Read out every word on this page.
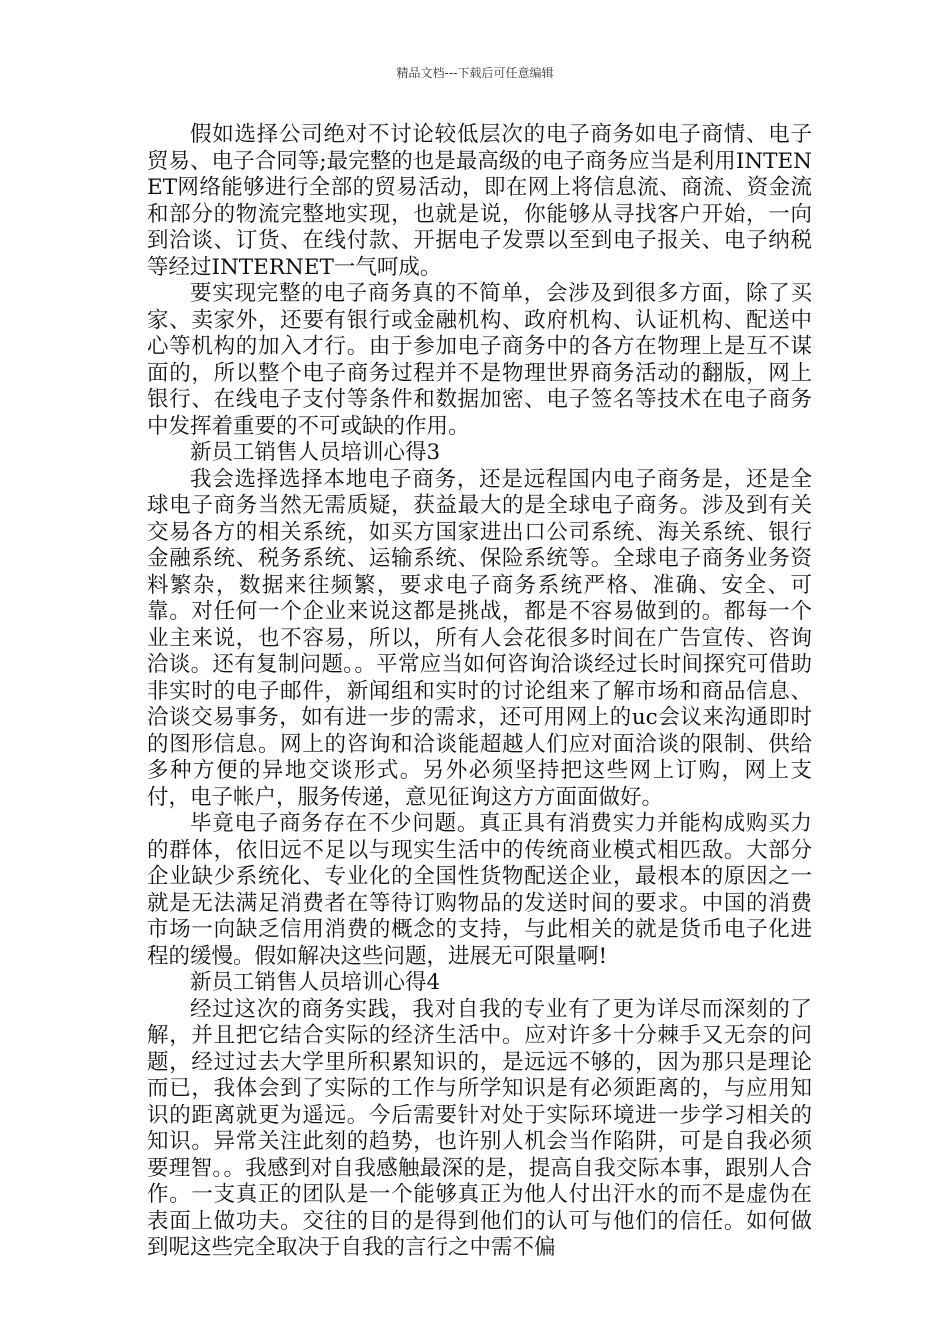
精品文档---下载后可任意编辑

假如选择公司绝对不讨论较低层次的电子商务如电子商情、电子贸易、电子合同等;最完整的也是最高级的电子商务应当是利用INTENET网络能够进行全部的贸易活动，即在网上将信息流、商流、资金流和部分的物流完整地实现，也就是说，你能够从寻找客户开始，一向到洽谈、订货、在线付款、开据电子发票以至到电子报关、电子纳税等经过INTERNET一气呵成。

要实现完整的电子商务真的不简单，会涉及到很多方面，除了买家、卖家外，还要有银行或金融机构、政府机构、认证机构、配送中心等机构的加入才行。由于参加电子商务中的各方在物理上是互不谋面的，所以整个电子商务过程并不是物理世界商务活动的翻版，网上银行、在线电子支付等条件和数据加密、电子签名等技术在电子商务中发挥着重要的不可或缺的作用。

新员工销售人员培训心得3

我会选择选择本地电子商务，还是远程国内电子商务是，还是全球电子商务当然无需质疑，获益最大的是全球电子商务。涉及到有关交易各方的相关系统，如买方国家进出口公司系统、海关系统、银行金融系统、税务系统、运输系统、保险系统等。全球电子商务业务资料繁杂，数据来往频繁，要求电子商务系统严格、准确、安全、可靠。对任何一个企业来说这都是挑战，都是不容易做到的。都每一个业主来说，也不容易，所以，所有人会花很多时间在广告宣传、咨询洽谈。还有复制问题。。平常应当如何咨询洽谈经过长时间探究可借助非实时的电子邮件，新闻组和实时的讨论组来了解市场和商品信息、洽谈交易事务，如有进一步的需求，还可用网上的uc会议来沟通即时的图形信息。网上的咨询和洽谈能超越人们应对面洽谈的限制、供给多种方便的异地交谈形式。另外必须坚持把这些网上订购，网上支付，电子帐户，服务传递，意见征询这方方面面做好。

毕竟电子商务存在不少问题。真正具有消费实力并能构成购买力的群体，依旧远不足以与现实生活中的传统商业模式相匹敌。大部分企业缺少系统化、专业化的全国性货物配送企业，最根本的原因之一就是无法满足消费者在等待订购物品的发送时间的要求。中国的消费市场一向缺乏信用消费的概念的支持，与此相关的就是货币电子化进程的缓慢。假如解决这些问题，进展无可限量啊!

新员工销售人员培训心得4

经过这次的商务实践，我对自我的专业有了更为详尽而深刻的了解，并且把它结合实际的经济生活中。应对许多十分棘手又无奈的问题，经过过去大学里所积累知识的，是远远不够的，因为那只是理论而已，我体会到了实际的工作与所学知识是有必须距离的，与应用知识的距离就更为遥远。今后需要针对处于实际环境进一步学习相关的知识。异常关注此刻的趋势，也许别人机会当作陷阱，可是自我必须要理智。。我感到对自我感触最深的是，提高自我交际本事，跟别人合作。一支真正的团队是一个能够真正为他人付出汗水的而不是虚伪在表面上做功夫。交往的目的是得到他们的认可与他们的信任。如何做到呢这些完全取决于自我的言行之中需不偏
